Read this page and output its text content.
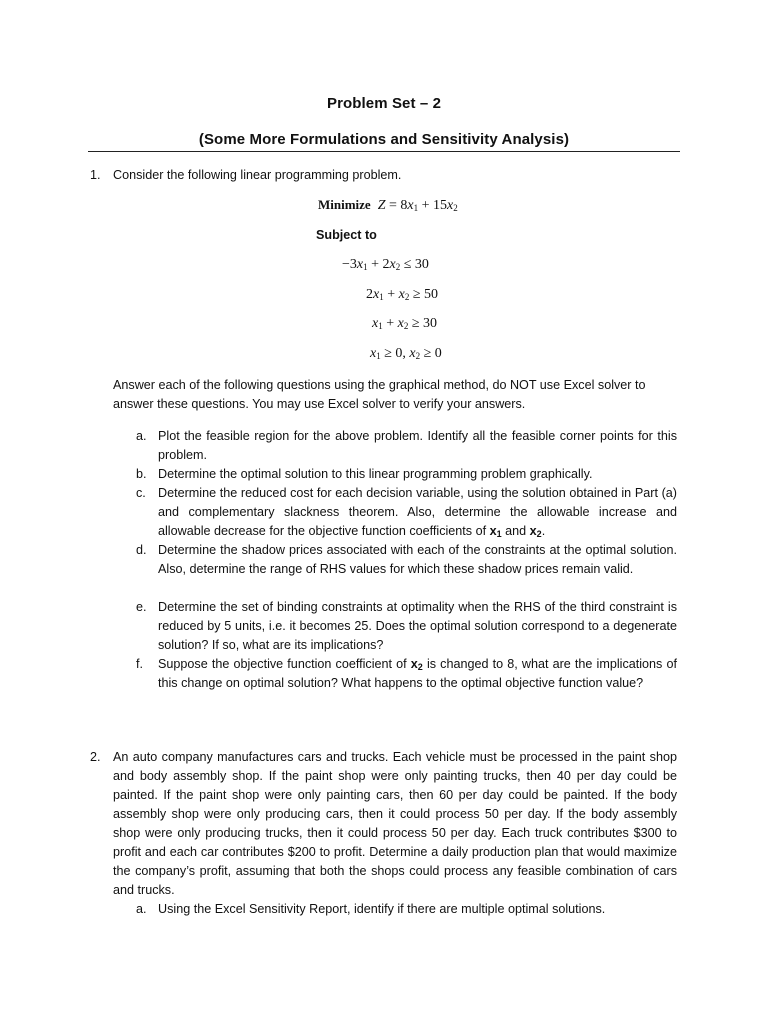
Problem Set – 2
(Some More Formulations and Sensitivity Analysis)
1. Consider the following linear programming problem.
Minimize $Z = 8x_1 + 15x_2$
Subject to
$-3x_1 + 2x_2 \le 30$
$2x_1 + x_2 \ge 50$
$x_1 + x_2 \ge 30$
$x_1 \ge 0$, $x_2 \ge 0$
Answer each of the following questions using the graphical method, do NOT use Excel solver to answer these questions. You may use Excel solver to verify your answers.
a. Plot the feasible region for the above problem. Identify all the feasible corner points for this problem.
b. Determine the optimal solution to this linear programming problem graphically.
c. Determine the reduced cost for each decision variable, using the solution obtained in Part (a) and complementary slackness theorem. Also, determine the allowable increase and allowable decrease for the objective function coefficients of $x_1$ and $x_2$.
d. Determine the shadow prices associated with each of the constraints at the optimal solution. Also, determine the range of RHS values for which these shadow prices remain valid.
e. Determine the set of binding constraints at optimality when the RHS of the third constraint is reduced by 5 units, i.e. it becomes 25. Does the optimal solution correspond to a degenerate solution? If so, what are its implications?
f. Suppose the objective function coefficient of $x_2$ is changed to 8, what are the implications of this change on optimal solution? What happens to the optimal objective function value?
2. An auto company manufactures cars and trucks. Each vehicle must be processed in the paint shop and body assembly shop. If the paint shop were only painting trucks, then 40 per day could be painted. If the paint shop were only painting cars, then 60 per day could be painted. If the body assembly shop were only producing cars, then it could process 50 per day. If the body assembly shop were only producing trucks, then it could process 50 per day. Each truck contributes $300 to profit and each car contributes $200 to profit. Determine a daily production plan that would maximize the company’s profit, assuming that both the shops could process any feasible combination of cars and trucks.
a. Using the Excel Sensitivity Report, identify if there are multiple optimal solutions.
